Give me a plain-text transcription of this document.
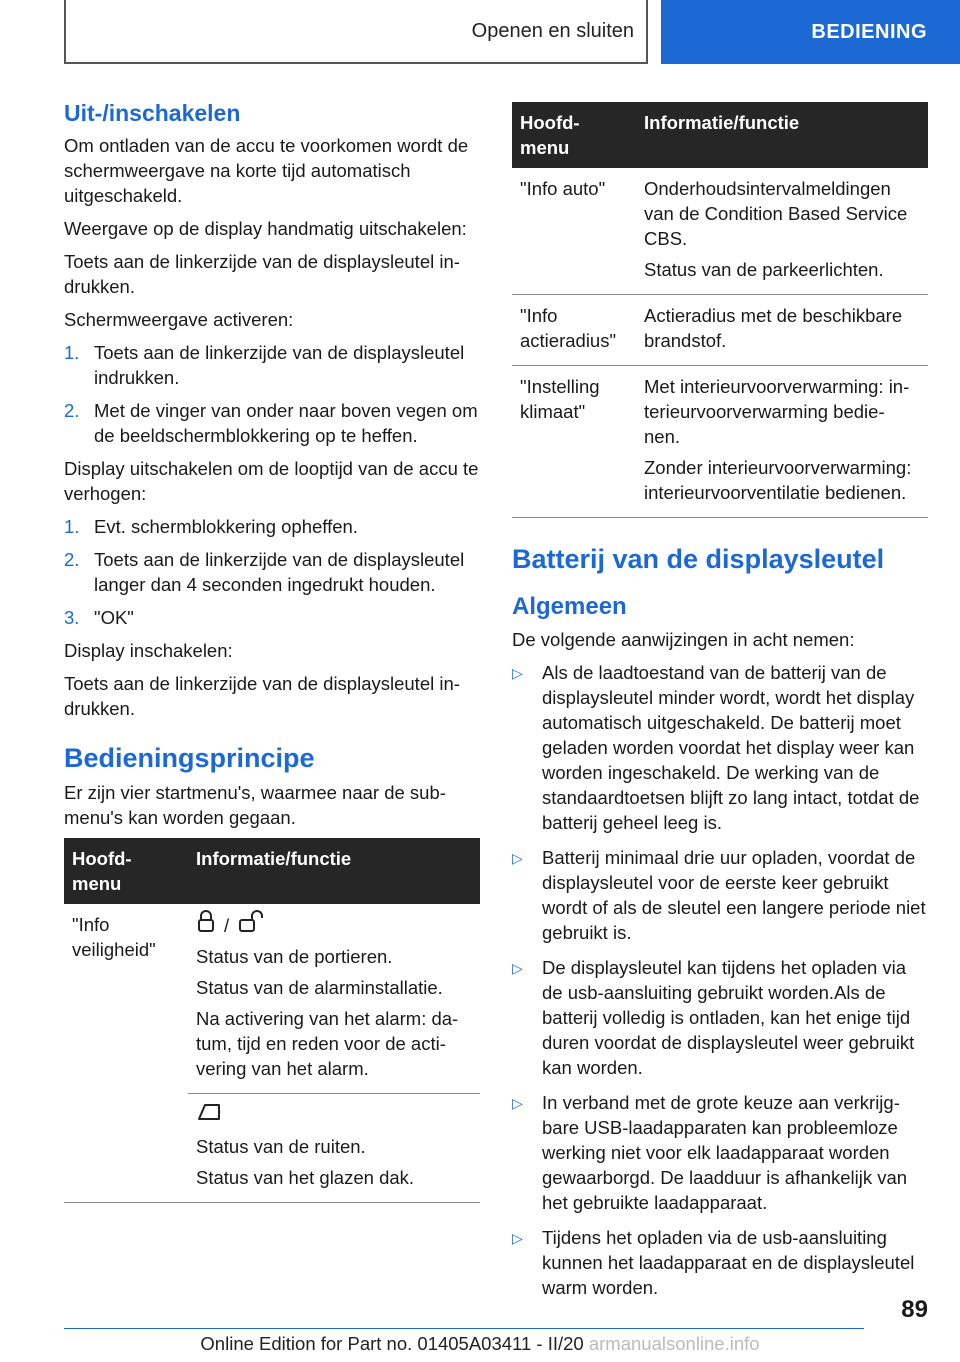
Openen en sluiten	BEDIENING
Uit-/inschakelen

Om ontladen van de accu te voorkomen wordt de schermweergave na korte tijd automatisch uitgeschakeld.

Weergave op de display handmatig uitschakelen:

Toets aan de linkerzijde van de displaysleutel in-drukken.

Schermweergave activeren:

1. Toets aan de linkerzijde van de displaysleutel indrukken.
2. Met de vinger van onder naar boven vegen om de beeldschermblokkering op te heffen.

Display uitschakelen om de looptijd van de accu te verhogen:

1. Evt. schermblokkering opheffen.
2. Toets aan de linkerzijde van de displaysleutel langer dan 4 seconden ingedrukt houden.
3. "OK"

Display inschakelen:

Toets aan de linkerzijde van de displaysleutel in-drukken.

Bedieningsprincipe

Er zijn vier startmenu's, waarmee naar de sub-menu's kan worden gegaan.

Hoofd-menu	Informatie/functie
"Info veiligheid"	/

Status van de portieren.

Status van de alarminstallatie.

Na activering van het alarm: da-tum, tijd en reden voor de acti-vering van het alarm.

	Status van de ruiten.

Status van het glazen dak.

Hoofd-menu	Informatie/functie
"Info auto"	Onderhoudsintervalmeldingen van de Condition Based Service CBS.

Status van de parkeerlichten.

"Info actieradius"	Actieradius met de beschikbare brandstof.

"Instelling klimaat"	Met interieurvoorverwarming: in-terieurvoorverwarming bedie-nen.

Zonder interieurvoorverwarming: interieurvoorventilatie bedienen.

Batterij van de displaysleutel
Algemeen

De volgende aanwijzingen in acht nemen:

▷	Als de laadtoestand van de batterij van de displaysleutel minder wordt, wordt het display automatisch uitgeschakeld. De batterij moet geladen worden voordat het display weer kan worden ingeschakeld. De werking van de standaardtoetsen blijft zo lang intact, totdat de batterij geheel leeg is.
▷	Batterij minimaal drie uur opladen, voordat de displaysleutel voor de eerste keer gebruikt wordt of als de sleutel een langere periode niet gebruikt is.
▷	De displaysleutel kan tijdens het opladen via de usb-aansluiting gebruikt worden.Als de batterij volledig is ontladen, kan het enige tijd duren voordat de displaysleutel weer gebruikt kan worden.
▷	In verband met de grote keuze aan verkrijg-bare USB-laadapparaten kan probleemloze werking niet voor elk laadapparaat worden gewaarborgd. De laadduur is afhankelijk van het gebruikte laadapparaat.
▷	Tijdens het opladen via de usb-aansluiting kunnen het laadapparaat en de displaysleutel warm worden.
89
Online Edition for Part no. 01405A03411 - II/20 armanualsonline.info
